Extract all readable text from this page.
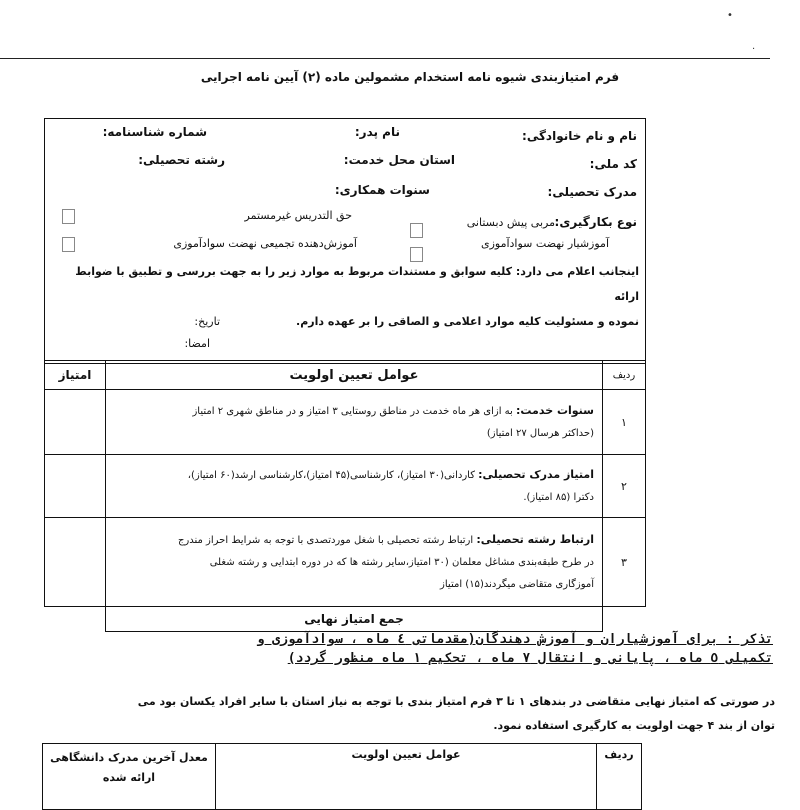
•
·
فرم امتیازبندی شیوه نامه استخدام مشمولین ماده (۲) آیین نامه اجرایی
نام و نام خانوادگی:
نام پدر:
شماره شناسنامه:
کد ملی:
استان محل خدمت:
رشته تحصیلی:
مدرک تحصیلی:
سنوات همکاری:
نوع بکارگیری:
مربی پیش دبستانی
حق التدریس غیرمستمر
آموزشیار نهضت سوادآموزی
آموزش‌دهنده تجمیعی نهضت سوادآموزی
اینجانب اعلام می دارد: کلیه سوابق و مستندات مربوط به موارد زیر را به جهت بررسی و تطبیق با ضوابط ارائه
نموده و مسئولیت کلیه موارد اعلامی و الصاقی را بر عهده دارم.
تاریخ:
امضا:
ردیف	عوامل تعیین اولویت	امتیاز
۱	سنوات خدمت: به ازای هر ماه خدمت در مناطق روستایی ۳ امتیاز و در مناطق شهری ۲ امتیاز
(حداکثر هرسال ۲۷ امتیاز)	
۲	امتیاز مدرک تحصیلی: کاردانی(۳۰ امتیاز)، کارشناسی(۴۵ امتیاز)،کارشناسی ارشد(۶۰ امتیاز)،
دکترا (۸۵ امتیاز).	
۳	ارتباط رشته تحصیلی: ارتباط رشته تحصیلی با شغل موردتصدی با توجه به شرایط احراز مندرج
در طرح طبقه‌بندی مشاغل معلمان (۳۰ امتیاز،سایر رشته ها که در دوره ابتدایی و رشته شغلی
آموزگاری متقاضی میگردند(۱۵) امتیاز	
	جمع امتیاز نهایی	
تذکر : برای آموزشیاران و آموزش دهندگان(مقدماتی ٤ ماه ، سوادآموزی و
تکمیلی ٥ ماه ، پایانی و انتقال ٧ ماه ، تحکیم ١ ماه منظور گردد)
در صورتی که امتیاز نهایی متقاضی در بندهای ۱ تا ۳ فرم امتیاز بندی با توجه به نیاز استان با سایر افراد یکسان بود می
توان از بند ۴ جهت اولویت به کارگیری استفاده نمود.
ردیف	عوامل تعیین اولویت	معدل آخرین مدرک دانشگاهی ارائه شده
